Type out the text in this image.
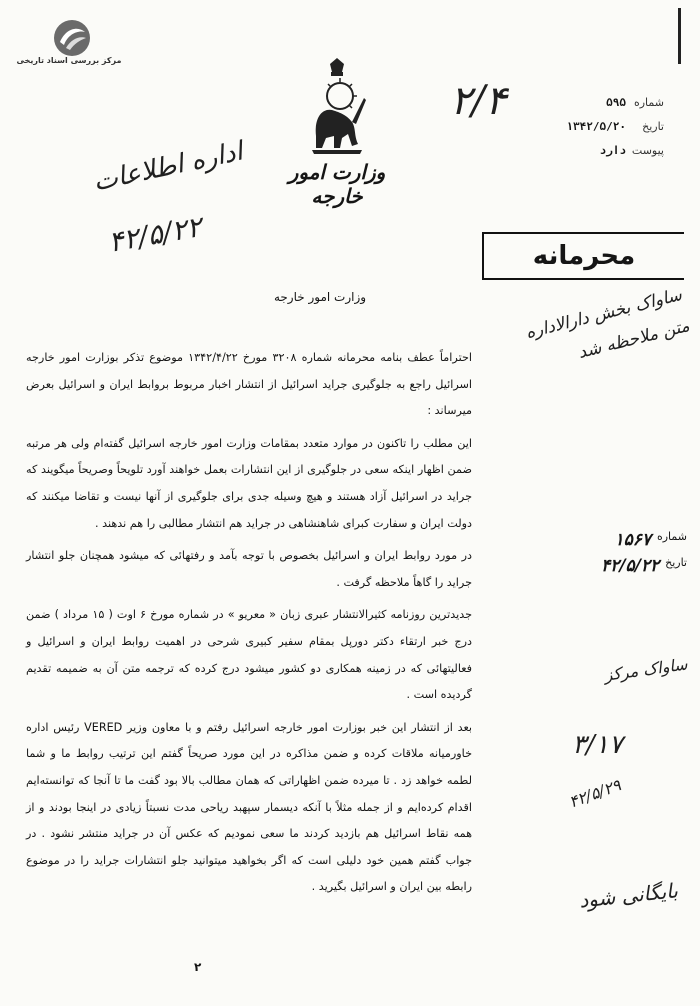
مرکز بررسی اسناد تاریخی
وزارت امور خارجه
شماره
۵۹۵
تاریخ
۱۳۴۲/۵/۲۰
پیوست
دارد
۲/۴
اداره اطلاعات
۴۲/۵/۲۲	محرمانه
ساواک بخش دارالاداره متن ملاحظه شد
شماره
۱۵۶۷
تاریخ
۴۲/۵/۲۲
وزارت امور خارجه

احتراماً عطف بنامه محرمانه شماره ۳۲۰۸ مورخ ۱۳۴۲/۴/۲۲ موضوع تذکر بوزارت امور خارجه اسرائیل راجع به جلوگیری جراید اسرائیل از انتشار اخبار مربوط بروابط ایران و اسرائیل بعرض میرساند :

این مطلب را تاکنون در موارد متعدد بمقامات وزارت امور خارجه اسرائیل گفته‌ام ولی هر مرتبه ضمن اظهار اینکه سعی در جلوگیری از این انتشارات بعمل خواهند آورد تلویحاً وصریحاً میگویند که جراید در اسرائیل آزاد هستند و هیچ وسیله جدی برای جلوگیری از آنها نیست و تقاضا میکنند که دولت ایران و سفارت کبرای شاهنشاهی در جراید هم انتشار مطالبی را هم ندهند .

در مورد روابط ایران و اسرائیل بخصوص با توجه بآمد و رفتهائی که میشود همچنان جلو انتشار جراید را گاهاً ملاحظه گرفت .

جدیدترین روزنامه کثیرالانتشار عبری زبان « معریو » در شماره مورخ ۶ اوت ( ۱۵ مرداد ) ضمن درج خبر ارتقاء دکتر دورپل بمقام سفیر کبیری شرحی در اهمیت روابط ایران و اسرائیل و فعالیتهائی که در زمینه همکاری دو کشور میشود درج کرده که ترجمه متن آن به ضمیمه تقدیم گردیده است .

بعد از انتشار این خبر بوزارت امور خارجه اسرائیل رفتم و با معاون وزیر VERED رئیس اداره خاورمیانه ملاقات کرده و ضمن مذاکره در این مورد صریحاً گفتم این ترتیب روابط ما و شما لطمه خواهد زد . تا میرده ضمن اظهاراتی که همان مطالب بالا بود گفت ما تا آنجا که توانسته‌ایم اقدام کرده‌ایم و از جمله مثلاً با آنکه دیسمار سپهبد ریاحی مدت نسبتاً زیادی در اینجا بودند و از همه نقاط اسرائیل هم بازدید کردند ما سعی نمودیم که عکس آن در جراید منتشر نشود . در جواب گفتم همین خود دلیلی است که اگر بخواهید میتوانید جلو انتشارات جراید را در موضوع رابطه بین ایران و اسرائیل بگیرید .

ساواک مرکز
۳/۱۷
۴۲/۵/۲۹
بایگانی شود
۲
